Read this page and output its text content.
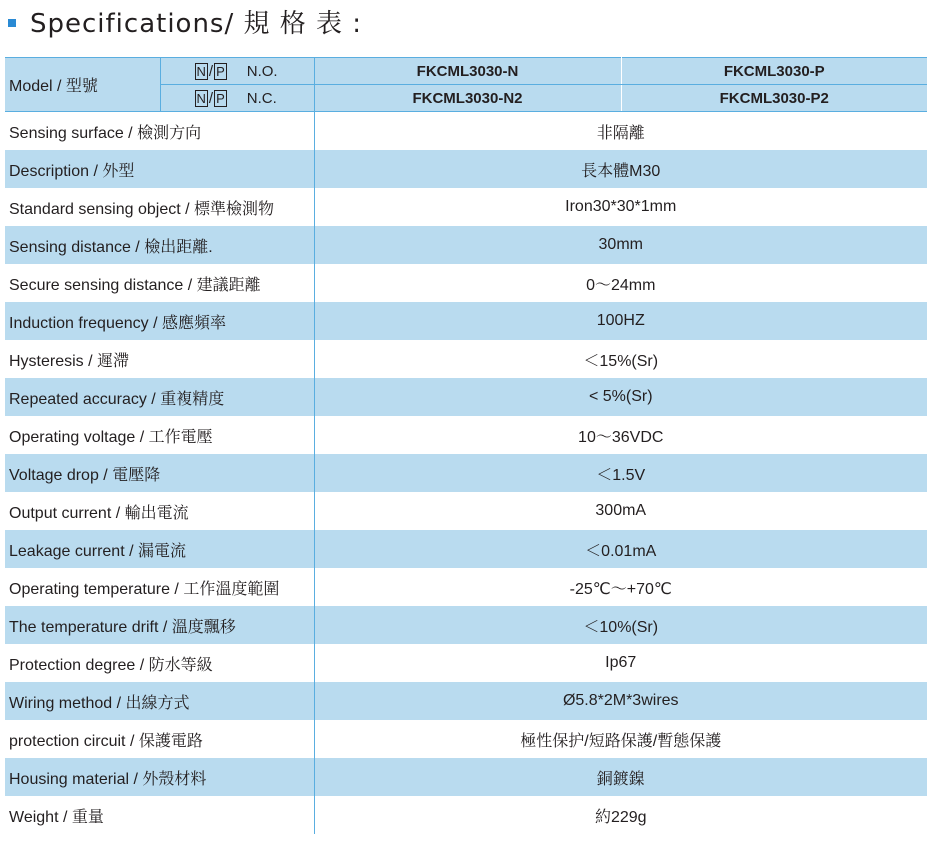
Specifications/ 規 格 表 :
Model / 型號	N / P N.O.	FKCML3030-N	FKCML3030-P

	N / P N.C.	FKCML3030-N2	FKCML3030-P2
Sensing surface / 檢測方向		非隔離	
Description / 外型		長本體M30	
Standard sensing object / 標準檢測物		Iron30*30*1mm	
Sensing distance / 檢出距離.		30mm	
Secure sensing distance / 建議距離		0～24mm	
Induction frequency / 感應頻率		100HZ	
Hysteresis / 遲滯		＜15%(Sr)	
Repeated accuracy / 重複精度		< 5%(Sr)	
Operating voltage / 工作電壓		10～36VDC	
Voltage drop / 電壓降		＜1.5V	
Output current / 輸出電流		300mA	
Leakage current / 漏電流		＜0.01mA	
Operating temperature / 工作溫度範圍		-25℃～+70℃	
The temperature drift / 溫度飄移		＜10%(Sr)	
Protection degree / 防水等級		Ip67	
Wiring method / 出線方式		Ø5.8*2M*3wires	
protection circuit / 保護電路		極性保护/短路保護/暫態保護	
Housing material / 外殼材料		銅鍍鎳	
Weight / 重量		約229g	
